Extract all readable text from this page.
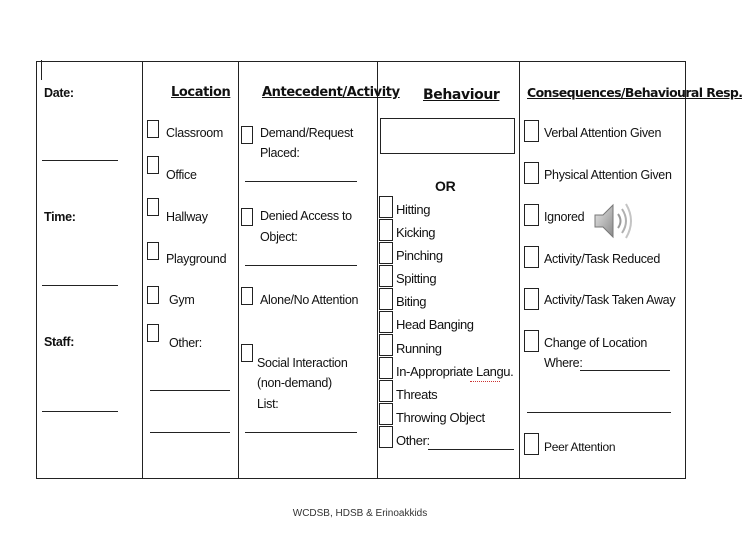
Date:
Time:
Staff:
Location
Classroom
Office
Hallway
Playground
Gym
Other:
Antecedent/Activity
Demand/Request
Placed:
Denied Access to
Object:
Alone/No Attention
Social Interaction
(non-demand)
List:
Behaviour
OR
Hitting
Kicking
Pinching
Spitting
Biting
Head Banging
Running
In-Appropriate Langu.
Threats
Throwing Object
Other:
Consequences/Behavioural Resp.
Verbal Attention Given
Physical Attention Given
Ignored
Activity/Task Reduced
Activity/Task Taken Away
Change of Location
Where:
Peer Attention
WCDSB, HDSB & Erinoakkids
